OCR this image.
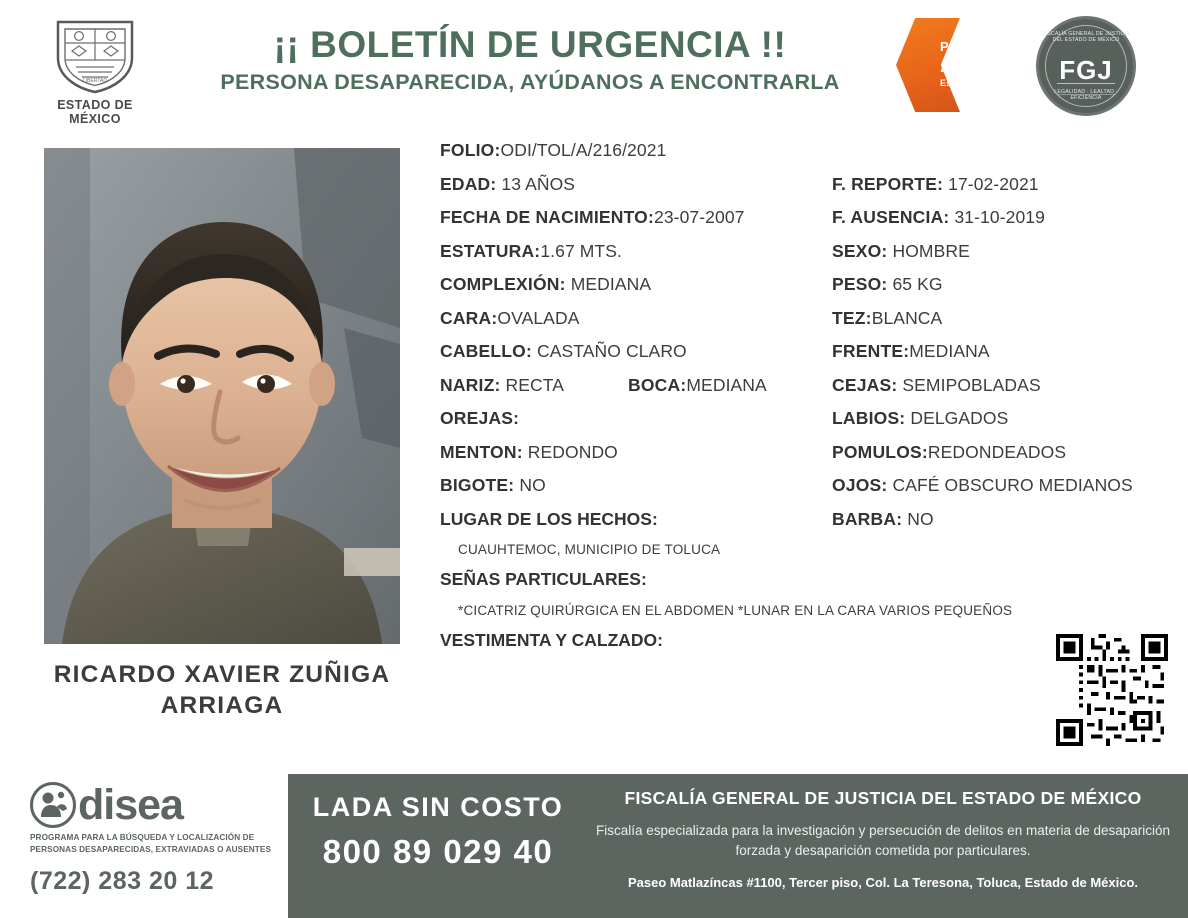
LIBERTAD
ESTADO DE MÉXICO
¡¡ BOLETÍN DE URGENCIA !!
PERSONA DESAPARECIDA, AYÚDANOS A ENCONTRARLA
Protocolo
ALBA
Estado de México
FISCALÍA GENERAL DE JUSTICIA DEL ESTADO DE MÉXICO
FGJ
LEGALIDAD · LEALTAD · EFICIENCIA
RICARDO XAVIER ZUÑIGA ARRIAGA
FOLIO: ODI/TOL/A/216/2021
EDAD: 13 AÑOS	F. REPORTE: 17-02-2021
FECHA DE NACIMIENTO: 23-07-2007	F. AUSENCIA: 31-10-2019
ESTATURA: 1.67 MTS.	SEXO: HOMBRE
COMPLEXIÓN: MEDIANA	PESO: 65 KG
CARA: OVALADA	TEZ: BLANCA
CABELLO: CASTAÑO CLARO	FRENTE: MEDIANA
NARIZ: RECTA	BOCA: MEDIANA	CEJAS: SEMIPOBLADAS
OREJAS:	LABIOS: DELGADOS
MENTON: REDONDO	POMULOS: REDONDEADOS
BIGOTE: NO	OJOS: CAFÉ OBSCURO MEDIANOS
LUGAR DE LOS HECHOS:	BARBA: NO
CUAUHTEMOC, MUNICIPIO DE TOLUCA
SEÑAS PARTICULARES:
*CICATRIZ QUIRÚRGICA EN EL ABDOMEN *LUNAR EN LA CARA VARIOS PEQUEÑOS
VESTIMENTA Y CALZADO:
disea
PROGRAMA PARA LA BÚSQUEDA Y LOCALIZACIÓN DE PERSONAS DESAPARECIDAS, EXTRAVIADAS O AUSENTES
(722) 283 20 12
LADA SIN COSTO
800 89 029 40
FISCALÍA GENERAL DE JUSTICIA DEL ESTADO DE MÉXICO
Fiscalía especializada para la investigación y persecución de delitos en materia de desaparición forzada y desaparición cometida por particulares.
Paseo Matlazíncas #1100, Tercer piso, Col. La Teresona, Toluca, Estado de México.
